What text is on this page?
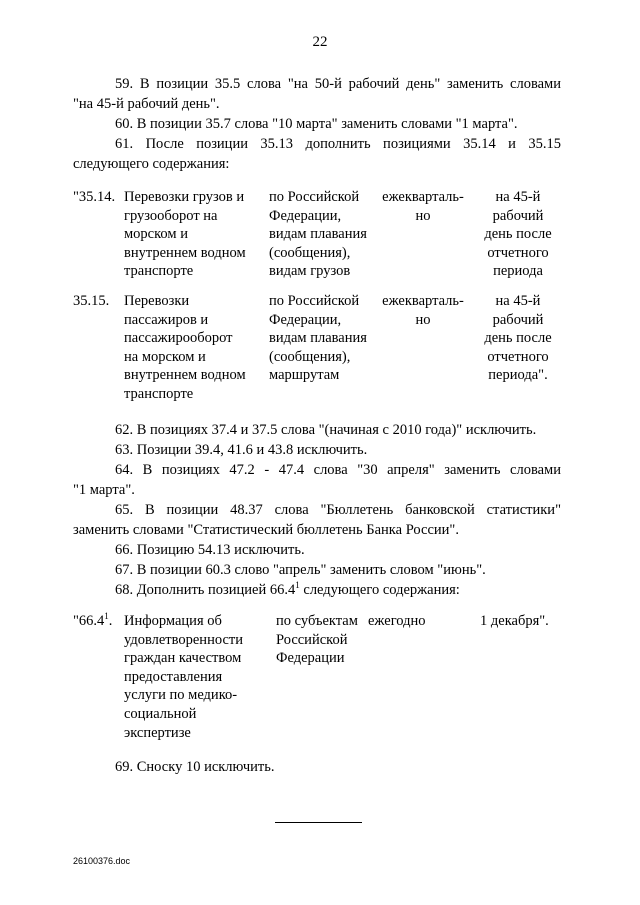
22
59. В позиции 35.5 слова "на 50-й рабочий день" заменить словами
"на 45-й рабочий день".
60. В позиции 35.7 слова "10 марта" заменить словами "1 марта".
61. После позиции 35.13 дополнить позициями 35.14 и 35.15
следующего содержания:
"35.14. Перевозки грузов и
грузооборот на
морском и
внутреннем водном
транспорте
по Российской
Федерации,
видам плавания
(сообщения),
видам грузов
ежекварталь-
но
на 45-й
рабочий
день после
отчетного
периода
35.15. Перевозки
пассажиров и
пассажирооборот
на морском и
внутреннем водном
транспорте
по Российской
Федерации,
видам плавания
(сообщения),
маршрутам
ежекварталь-
но
на 45-й
рабочий
день после
отчетного
периода".
62. В позициях 37.4 и 37.5 слова "(начиная с 2010 года)" исключить.
63. Позиции 39.4, 41.6 и 43.8 исключить.
64. В позициях 47.2 - 47.4 слова "30 апреля" заменить словами
"1 марта".
65. В позиции 48.37 слова "Бюллетень банковской статистики"
заменить словами "Статистический бюллетень Банка России".
66. Позицию 54.13 исключить.
67. В позиции 60.3 слово "апрель" заменить словом "июнь".
68. Дополнить позицией 66.4$^1$ следующего содержания:
"66.4$^1$. Информация об
удовлетворенности
граждан качеством
предоставления
услуги по медико-
социальной
экспертизе
по субъектам
Российской
Федерации
ежегодно	1 декабря".
69. Сноску 10 исключить.
26100376.doc
